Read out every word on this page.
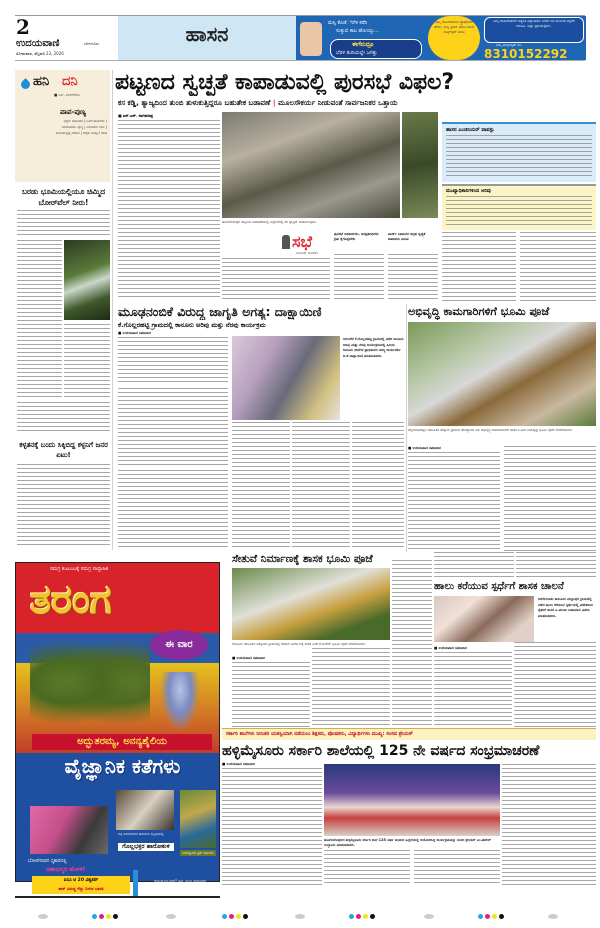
2
ಉದಯವಾಣಿ	ಬೆಂಗಳೂರು
ಸೋಮವಾರ, ಫೆಬ್ರವರಿ 23, 2026
ಹಾಸನ	ಮಸ್ಸಿ ಕೊಡೆರ್‌ಿಕ ಕರೆರಿ
ಸುತ್ತುವ ಕಾಲ ಹೋಯ್ತು...
ಈಗೇನಿದ್ರೂ
ಬೆರಳ ತುದಿಯಲ್ಲೇ ಜಗತ್ತು
ನಿಮ್ಮ ಜಾಹೀರಾತುಗಳ ಪ್ರೊಪೊಸಲ್ ತೆಗೆದು, ಮಸ್ಸಿ ಪ್ರಿಂಟ್ ಮಾಡಿ ನಮಗೆ ವಾಟ್ಸ್ಆ್ಯಪ್ ಮಾಡಿ
ನಿಮ್ಮ ಜಾಹೀರಾತುಗಳ ಅತ್ಯಂತ ವಿಶ್ವಾಸಾರ್ಹ ಎರಡು ದಿನ ಮುಂಚಿತ ಪತ್ರಿಕೆಗೆ ಕಳುಹಿಸಿ. ಅಷ್ಟು ಪ್ರಕಟಿಸುತ್ತೇವೆ..
ನಮ್ಮ ವಾಟ್ಸ್ಆ್ಯಪ್ ನಂ.
8310152292
ಹನಿ ದನಿ
■ ಎನ್. ಶಂಕರೇಗೌಡ
ಪಾಪ-ಪುಣ್ಯ
ಭಕ್ತರು ಮಾಡಿದರ | ಓಳಗೆ ಹೋದರು | ಸಂಪಾದಿಸಲು ಪುಣ್ಯ | ಬಂದವರು ಚೀಲ | ತುಂಬಿಸುತ್ತಿದ್ದ ಆಪಾದ | ಚಪ್ಪಲ ಅಯ್ತು! ಪಾಪ
ಬರಡು ಭೂಮಿಯಲ್ಲಿಯೂ ಚಿಮ್ಮಿದ ಬೋರ್‌ವೆಲ್ ನೀರು!
ಕಳ್ಳತನಕ್ಕೆ ಬಂದು ಸಿಕ್ಕಿಬಿದ್ದ ಕಳ್ಳನಿಗೆ ಜನರ ಏಟು!
ಸಮಗ್ರ ಕುಟುಂಬಕ್ಕೆ ಸಮಗ್ರ ಸಾಪ್ತಾಹಿಕ
ತರಂಗ
ಈ ವಾರ
ಅದ್ಭುತರಮ್ಯ, ಅನನ್ಯಶೈಲಿಯ
ವೈಜ್ಞಾನಿಕ ಕತೆಗಳು
ಬೋಲೇನಾಥನ ಸ್ಮಶಾನದಲ್ಲಿ
ಚಿತಾಭಸ್ಮದ ಹೋಳಿ!
ಚಿಕ್ಕ ವಂಕಲಕುಂಟೆ ಹನುಮನ ಸನ್ನಿಧಿಯಲ್ಲಿ
ಗೊಲ್ಲಭಕ್ತರ ಹಾರೋಕುಳಿ
ಬಾಕೆಸ್ತೂರದ ಟ್ರಿಕ್ ವಧುಗಳು
ಐಸಿಸಿ ಟಿ 20 ವಿಶ್ವಕಪ್
ಪಾಕ್ ವಿರುದ್ಧ ಗೆದ್ದು ಬೀಗಿದ ಭಾರತ
ಆಯುಷ್ಮನ್ಭವ ಹೇಗೆ? ಹನ್ನು ದುಃಖ ಸಂಶೋಧನೆ
ಪಟ್ಟಣದ ಸ್ವಚ್ಛತೆ ಕಾಪಾಡುವಲ್ಲಿ ಪುರಸಭೆ ವಿಫಲ?
ಕಸ ಕಡ್ಡಿ, ತ್ಯಾಜ್ಯದಿಂದ ತುಂಬಿ ತುಳುಕುತ್ತಿದ್ದರೂ ಬಹುತೇಕ ಬಡಾವಣೆ | ಮೂಲಸೌಕರ್ಯ ನೀಡುವಂತೆ ಸಾರ್ವಜನಿಕರ ಒತ್ತಾಯ
■ ಎನ್.ಎನ್. ನಾಗರಾಜಪ್ಪ
ಹೊಳೆನರಸೀಪುರ ಪಟ್ಟಣದ ಬಡಾವಣೆಯಲ್ಲಿ ಎಲ್ಲೆಂದರಲ್ಲಿ ಕಸ ಪ್ಲಾಸ್ಟಿಕ್ ಬಿಸಾಡಿರುವುದು.
ಸಭೆ
ನೋಟಿಸ್‌ ಬೋರ್ಡ್
ಪುರಸಭೆ ಅಧಿಕಾರಿಗಳು, ಜನಪ್ರತಿನಿಧಿಗಳು ಕ್ರಮ ಕೈಗೊಳ್ಳಬೇಕು
ವಾರ್ಡ್ ನಿವಾಸಿಗಳ ಆಗ್ರಹ ಸ್ವಚ್ಛತೆ ಕಾಪಾಡಲು ಮನವಿ
ಹಾಸನ ಎಂಜಿನಿಯರ್ ವಾಪಸ್ಸು
ಮುಖ್ಯಾಧಿಕಾರಿಗಳಿಂದ ಅರಿವು
ಮೂಢನಂಬಿಕೆ ವಿರುದ್ಧ ಜಾಗೃತಿ ಅಗತ್ಯ: ದಾಕ್ಷಾಯಿಣಿ
ಕೆ.ಗೊಲ್ಲರಹಟ್ಟಿ ಗ್ರಾಮದಲ್ಲಿ ಕಾನೂನು ಅರಿವು ಮತ್ತು ನೆರವು ಕಾರ್ಯಕ್ರಮ
■ ಉದಯವಾಣಿ ಸಮಾಚಾರ
ಅರಸೀಕೆರೆ ಕೆ.ಗೊಲ್ಲರಹಟ್ಟಿ ಗ್ರಾಮದಲ್ಲಿ ನಡೆದ ಕಾನೂನು ಅರಿವು ಮತ್ತು ನೆರವು ಕಾರ್ಯಕ್ರಮದಲ್ಲಿ ಹಿರಿಯ ಕಾನೂನು ಸೇವೆಗಳ ಪ್ರಾಧಿಕಾರದ ಸದಸ್ಯ ಕಾರ್ಯದರ್ಶಿ ಬಿ.ಕೆ.ದಾಕ್ಷಾಯಿಣಿ ಮಾತನಾಡಿದರು.
ಅಭಿವೃದ್ಧಿ ಕಾಮಗಾರಿಗಳಿಗೆ ಭೂಮಿ ಪೂಜೆ
ಚನ್ನರಾಯಪಟ್ಟಣ ತಾಲೂಕಿನ ಹೆಬ್ಬಾಳು ಗ್ರಾಮದ ದೇವಸ್ಥಾನದ ಬಳಿ ಅಭಿವೃದ್ಧಿ ಕಾಮಗಾರಿಗಳಿಗೆ ಶಾಸಕ ಸಿ.ಎನ್.ಬಾಲಕೃಷ್ಣ ಭೂಮಿ ಪೂಜೆ ನೆರವೇರಿಸಿದರು.
■ ಉದಯವಾಣಿ ಸಮಾಚಾರ
ಸೇತುವೆ ನಿರ್ಮಾಣಕ್ಕೆ ಶಾಸಕ ಭೂಮಿ ಪೂಜೆ
ಬೇಲೂರು ತಾಲೂಕಿನ ಬಿಕ್ಕೋಡು ಗ್ರಾಮದಲ್ಲಿ ಸೇತುವೆ ನಿರ್ಮಾಣಕ್ಕೆ ಶಾಸಕ ಎಚ್.ಕೆ.ಸುರೇಶ್ ಭೂಮಿ ಪೂಜೆ ನೆರವೇರಿಸಿದರು.
■ ಉದಯವಾಣಿ ಸಮಾಚಾರ
ಹಾಲು ಕರೆಯುವ ಸ್ಪರ್ಧೆಗೆ ಶಾಸಕ ಚಾಲನೆ
ಅರಕಲಗೂಡು ತಾಲೂಕಿನ ಮಲ್ಲಾಪುರ ಗ್ರಾಮದಲ್ಲಿ ನಡೆದ ಹಾಲು ಕರೆಯುವ ಸ್ಪರ್ಧೆಯಲ್ಲಿ ವಿಜೇತರಾದ ರೈತರಿಗೆ ಶಾಸಕ ಎ.ಮಂಜು ಬಹುಮಾನ ವಿತರಿಸಿ ಮಾತನಾಡಿದರು.
■ ಉದಯವಾಣಿ ಸಮಾಚಾರ
ಸರ್ಕಾರಿ ಶಾಲೆಗಳು ನಿರಂತರ ಯಶಸ್ವಿಯಾಗಿ ನಡೆಯಲು ಶಿಕ್ಷಕರು, ಪೋಷಕರು, ವಿದ್ಯಾರ್ಥಿಗಳು ಮುಖ್ಯ: ಸಂಸದ ಶ್ರೇಯಸ್
ಹಳ್ಳಿಮೈಸೂರು ಸರ್ಕಾರಿ ಶಾಲೆಯಲ್ಲಿ 125 ನೇ ವರ್ಷದ ಸಂಭ್ರಮಾಚರಣೆ
■ ಉದಯವಾಣಿ ಸಮಾಚಾರ
ಹೊಳೆನರಸೀಪುರದ ಹಳ್ಳಿಮೈಸೂರು ಸರ್ಕಾರಿ ಶಾಲೆ 125 ವರ್ಷ ತುಂಬಿದ ಹಿನ್ನೆಲೆಯಲ್ಲಿ ಆಯೋಜಿಸಿದ್ದ ಕಾರ್ಯಕ್ರಮವನ್ನು ಸಂಸದ ಶ್ರೇಯಸ್ ಎಂ.ಪಟೇಲ್ ಉದ್ಘಾಟಿಸಿ ಮಾತನಾಡಿದರು.
